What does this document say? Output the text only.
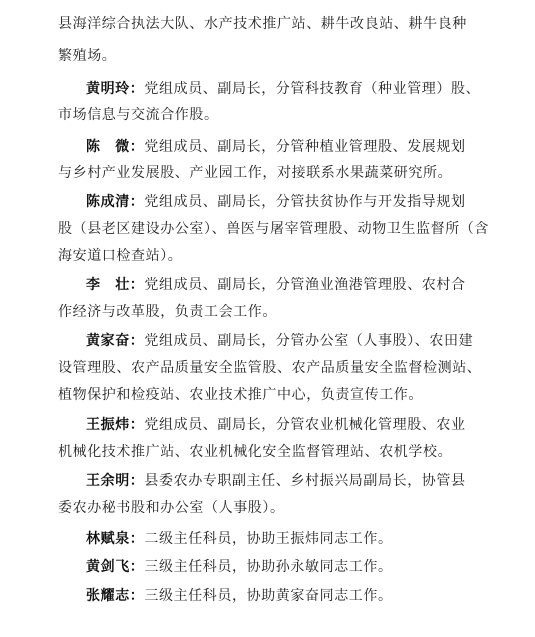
县海洋综合执法大队、水产技术推广站、耕牛改良站、耕牛良种
繁殖场。
黄明玲：党组成员、副局长，分管科技教育（种业管理）股、
市场信息与交流合作股。
陈　微：党组成员、副局长，分管种植业管理股、发展规划
与乡村产业发展股、产业园工作，对接联系水果蔬菜研究所。
陈成清：党组成员、副局长，分管扶贫协作与开发指导规划
股（县老区建设办公室）、兽医与屠宰管理股、动物卫生监督所（含
海安道口检查站）。
李　壮：党组成员、副局长，分管渔业渔港管理股、农村合
作经济与改革股，负责工会工作。
黄家奋：党组成员、副局长，分管办公室（人事股）、农田建
设管理股、农产品质量安全监管股、农产品质量安全监督检测站、
植物保护和检疫站、农业技术推广中心，负责宣传工作。
王振炜：党组成员、副局长，分管农业机械化管理股、农业
机械化技术推广站、农业机械化安全监督管理站、农机学校。
王余明：县委农办专职副主任、乡村振兴局副局长，协管县
委农办秘书股和办公室（人事股）。
林赋泉：二级主任科员，协助王振炜同志工作。
黄剑飞：三级主任科员，协助孙永敏同志工作。
张耀志：三级主任科员，协助黄家奋同志工作。
